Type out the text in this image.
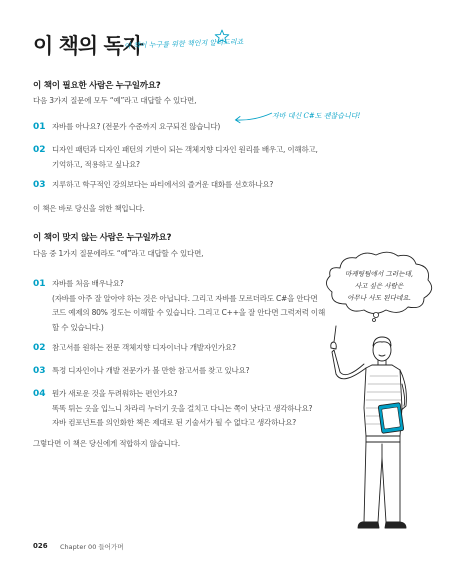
이 책의 독자
이 책이 누구를 위한 책인지 알려드리죠
이 책이 필요한 사람은 누구일까요?
다음 3가지 질문에 모두 “예”라고 대답할 수 있다면,
자바 대신 C#도 괜찮습니다!
01 자바를 아나요? (전문가 수준까지 요구되진 않습니다)
02 디자인 패턴과 디자인 패턴의 기반이 되는 객체지향 디자인 원리를 배우고, 이해하고,
기억하고, 적용하고 싶나요?
03 지루하고 학구적인 강의보다는 파티에서의 즐거운 대화를 선호하나요?
이 책은 바로 당신을 위한 책입니다.
이 책이 맞지 않는 사람은 누구일까요?
다음 중 1가지 질문에라도 “예”라고 대답할 수 있다면,
01 자바를 처음 배우나요?
(자바를 아주 잘 알아야 하는 것은 아닙니다. 그리고 자바를 모르더라도 C#을 안다면
코드 예제의 80% 정도는 이해할 수 있습니다. 그리고 C++을 잘 안다면 그럭저럭 이해
할 수 있습니다.)
02 참고서를 원하는 전문 객체지향 디자이너나 개발자인가요?
03 특정 디자인이나 개발 전문가가 볼 만한 참고서를 찾고 있나요?
04 뭔가 새로운 것을 두려워하는 편인가요?
똑똑 튀는 옷을 입느니 차라리 누더기 옷을 걸치고 다니는 쪽이 낫다고 생각하나요?
자바 컴포넌트를 의인화한 책은 제대로 된 기술서가 될 수 없다고 생각하나요?
그렇다면 이 책은 당신에게 적합하지 않습니다.
마케팅팀에서 그러는데,
사고 싶은 사람은
아무나 사도 된다네요.
026 Chapter 00 들어가며
